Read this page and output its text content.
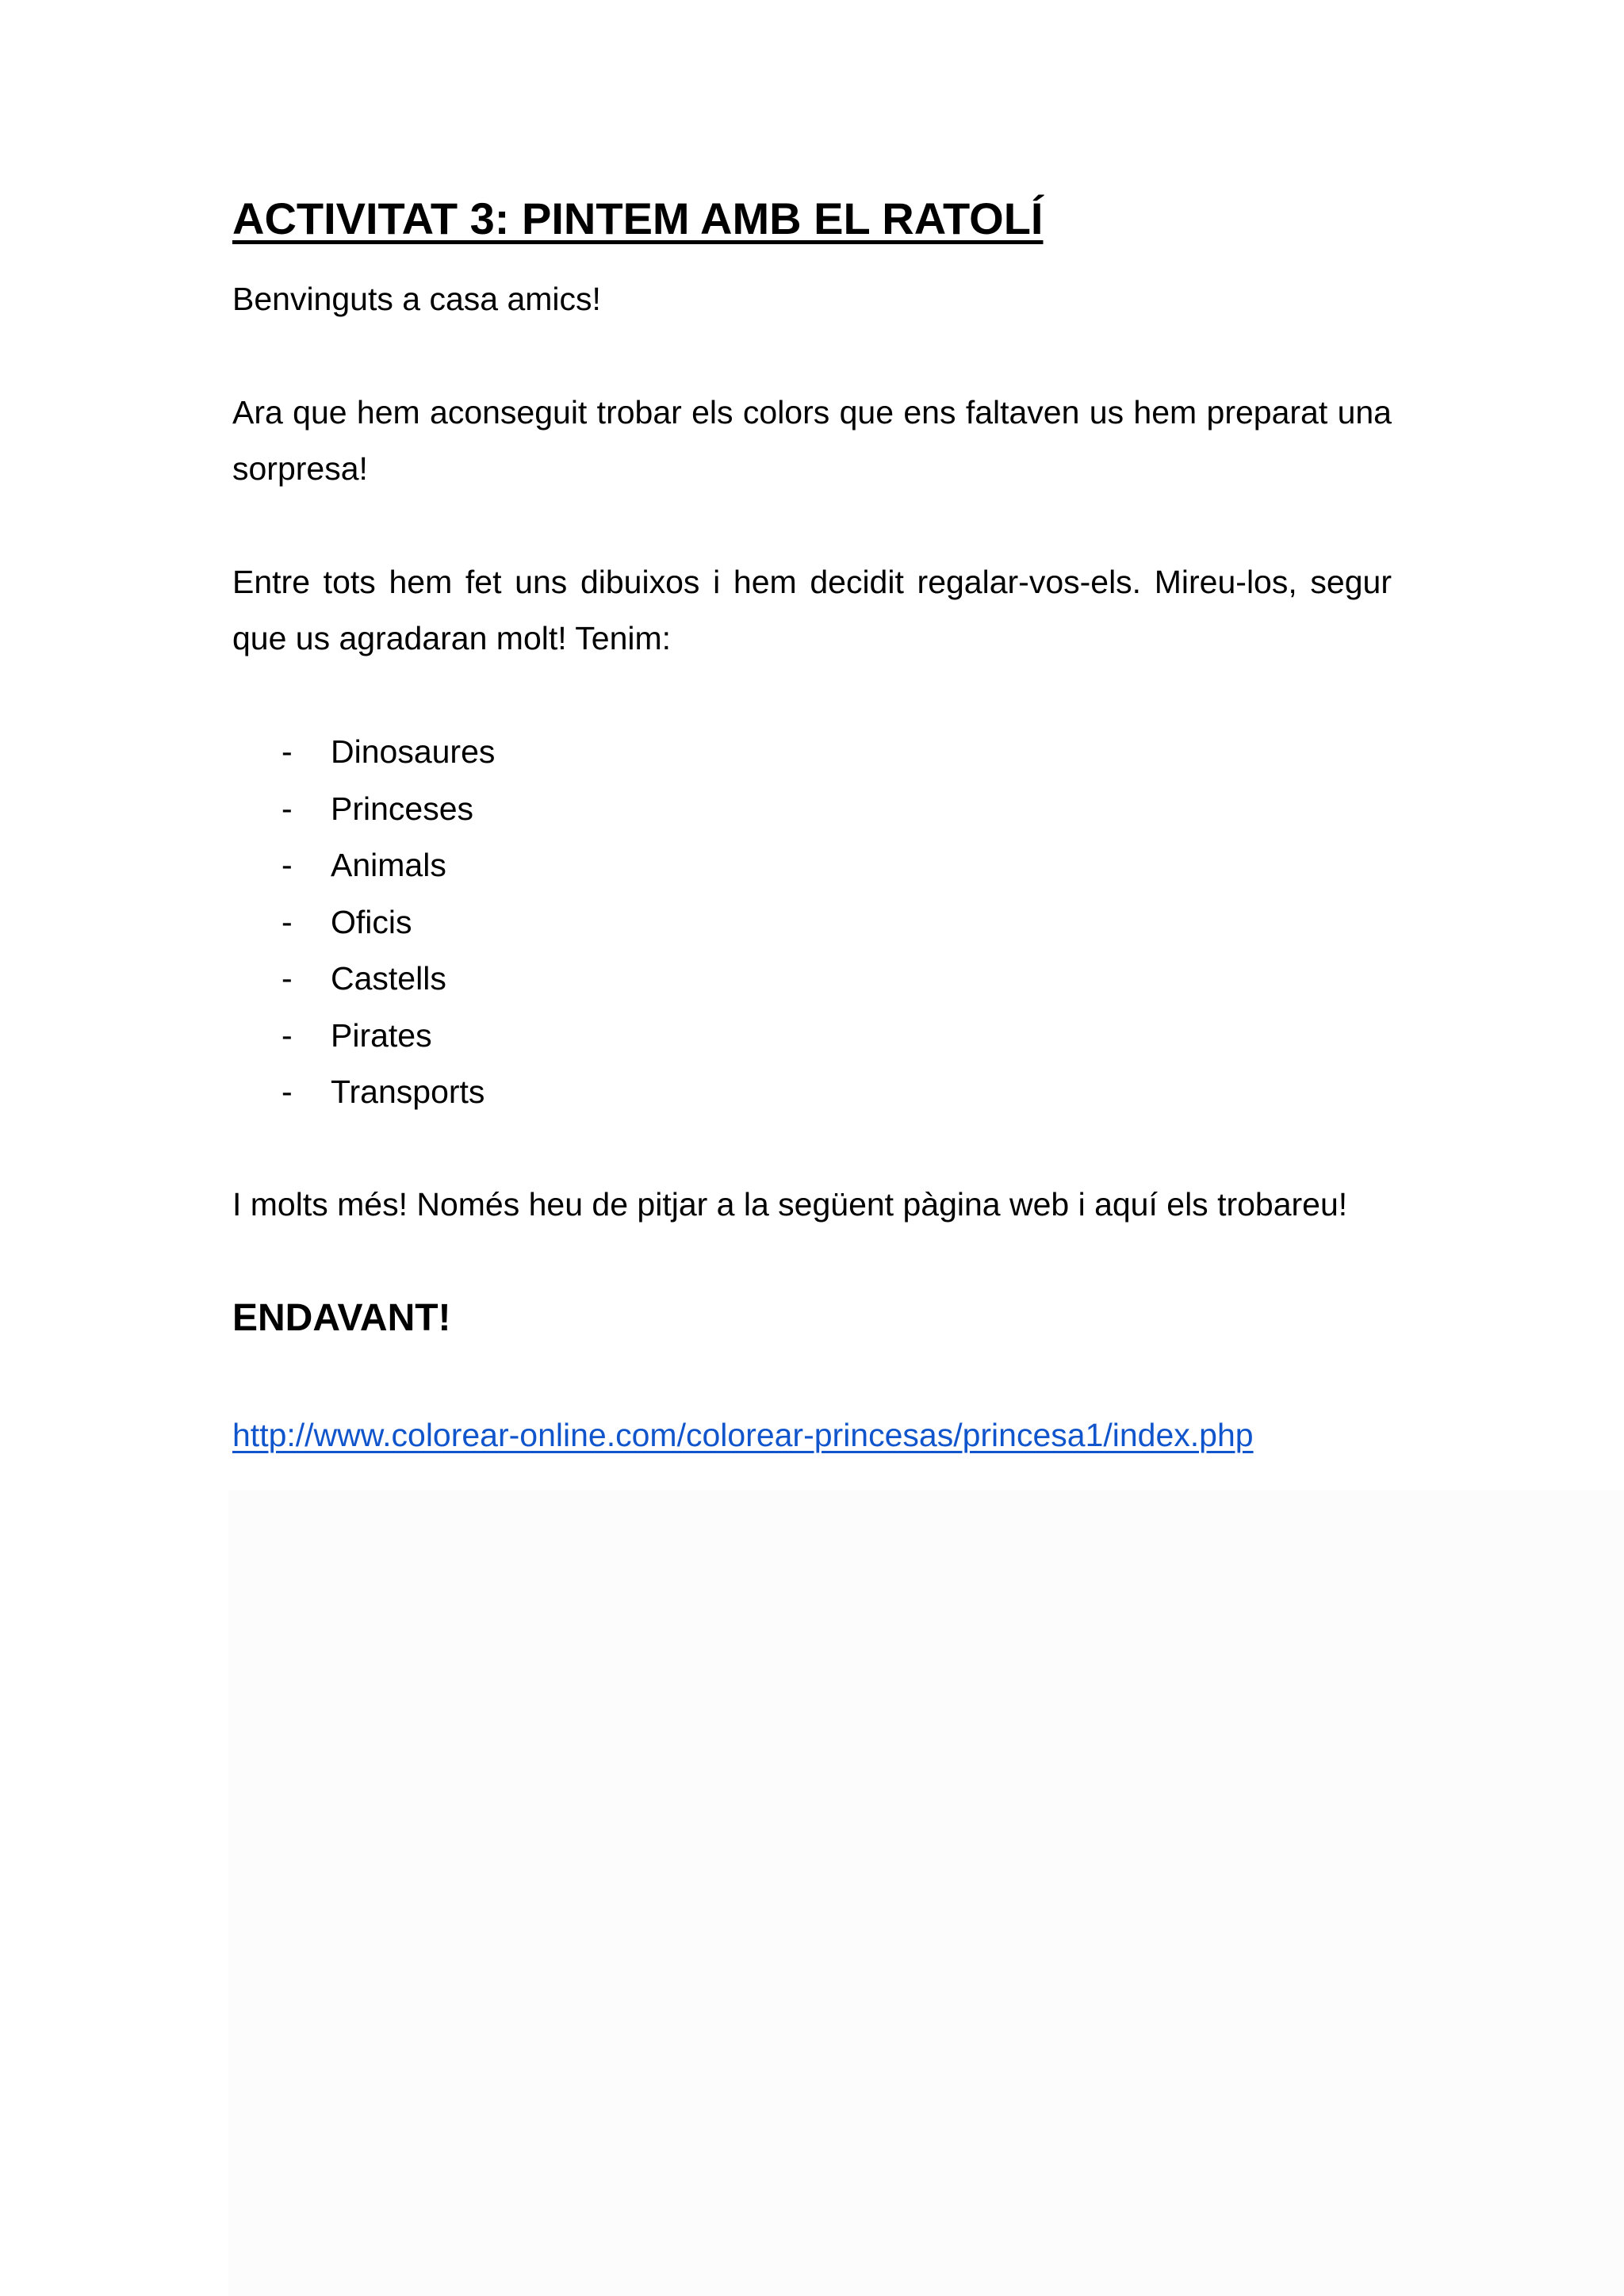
ACTIVITAT 3: PINTEM AMB EL RATOLÍ

Benvinguts a casa amics!

Ara que hem aconseguit trobar els colors que ens faltaven us hem preparat una sorpresa!

Entre tots hem fet uns dibuixos i hem decidit regalar-vos-els. Mireu-los, segur que us agradaran molt! Tenim:

- Dinosaures
- Princeses
- Animals
- Oficis
- Castells
- Pirates
- Transports

I molts més! Només heu de pitjar a la següent pàgina web i aquí els trobareu!

ENDAVANT!
http://www.colorear-online.com/colorear-princesas/princesa1/index.php
